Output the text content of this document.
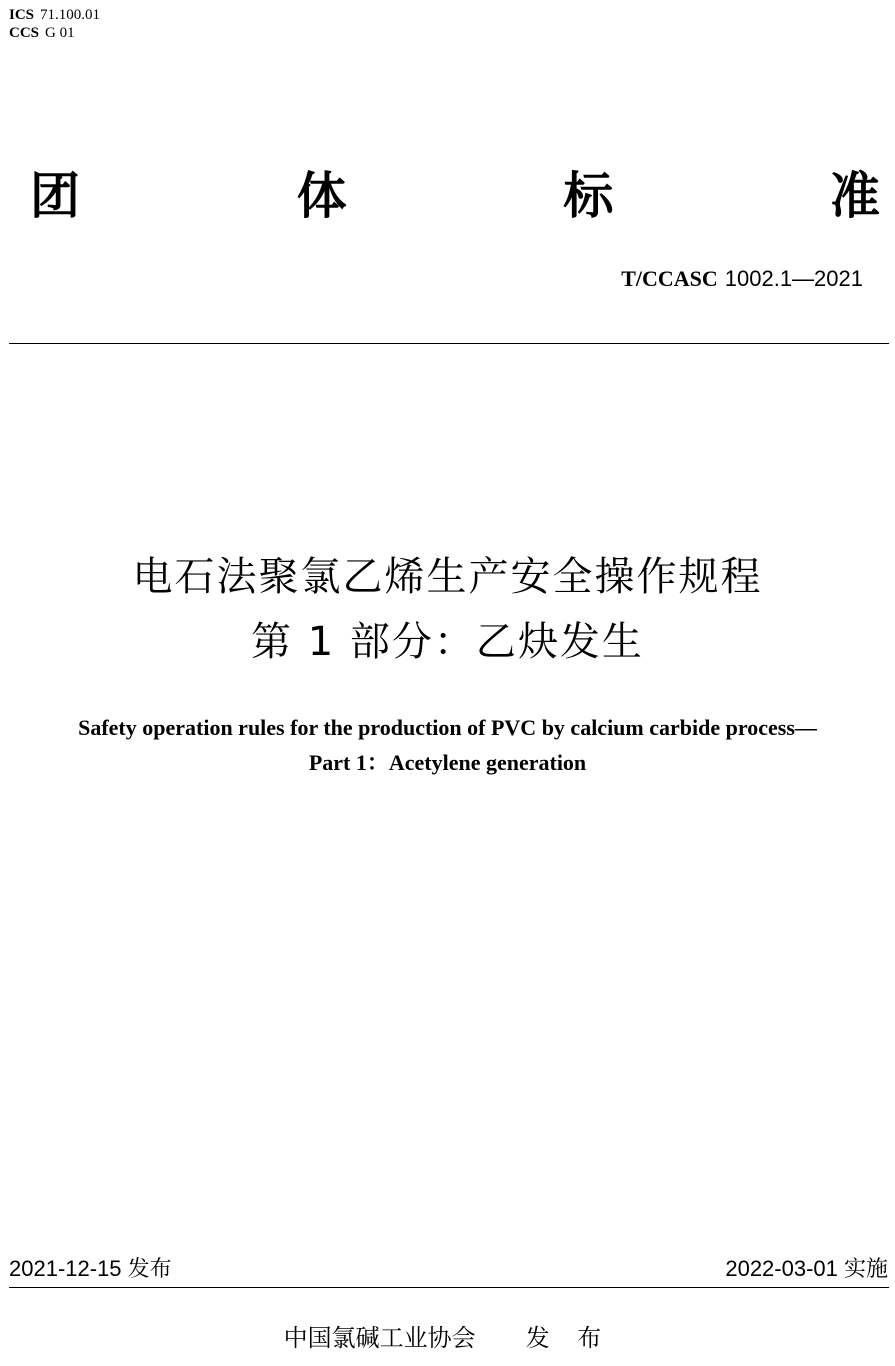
ICS 71.100.01
CCS G 01
团	体	标	准
T/CCASC 1002.1—2021
电石法聚氯乙烯生产安全操作规程
第 1 部分：乙炔发生
Safety operation rules for the production of PVC by calcium carbide process—
Part 1：Acetylene generation
2021-12-15 发布	2022-03-01 实施
中国氯碱工业协会 发 布
